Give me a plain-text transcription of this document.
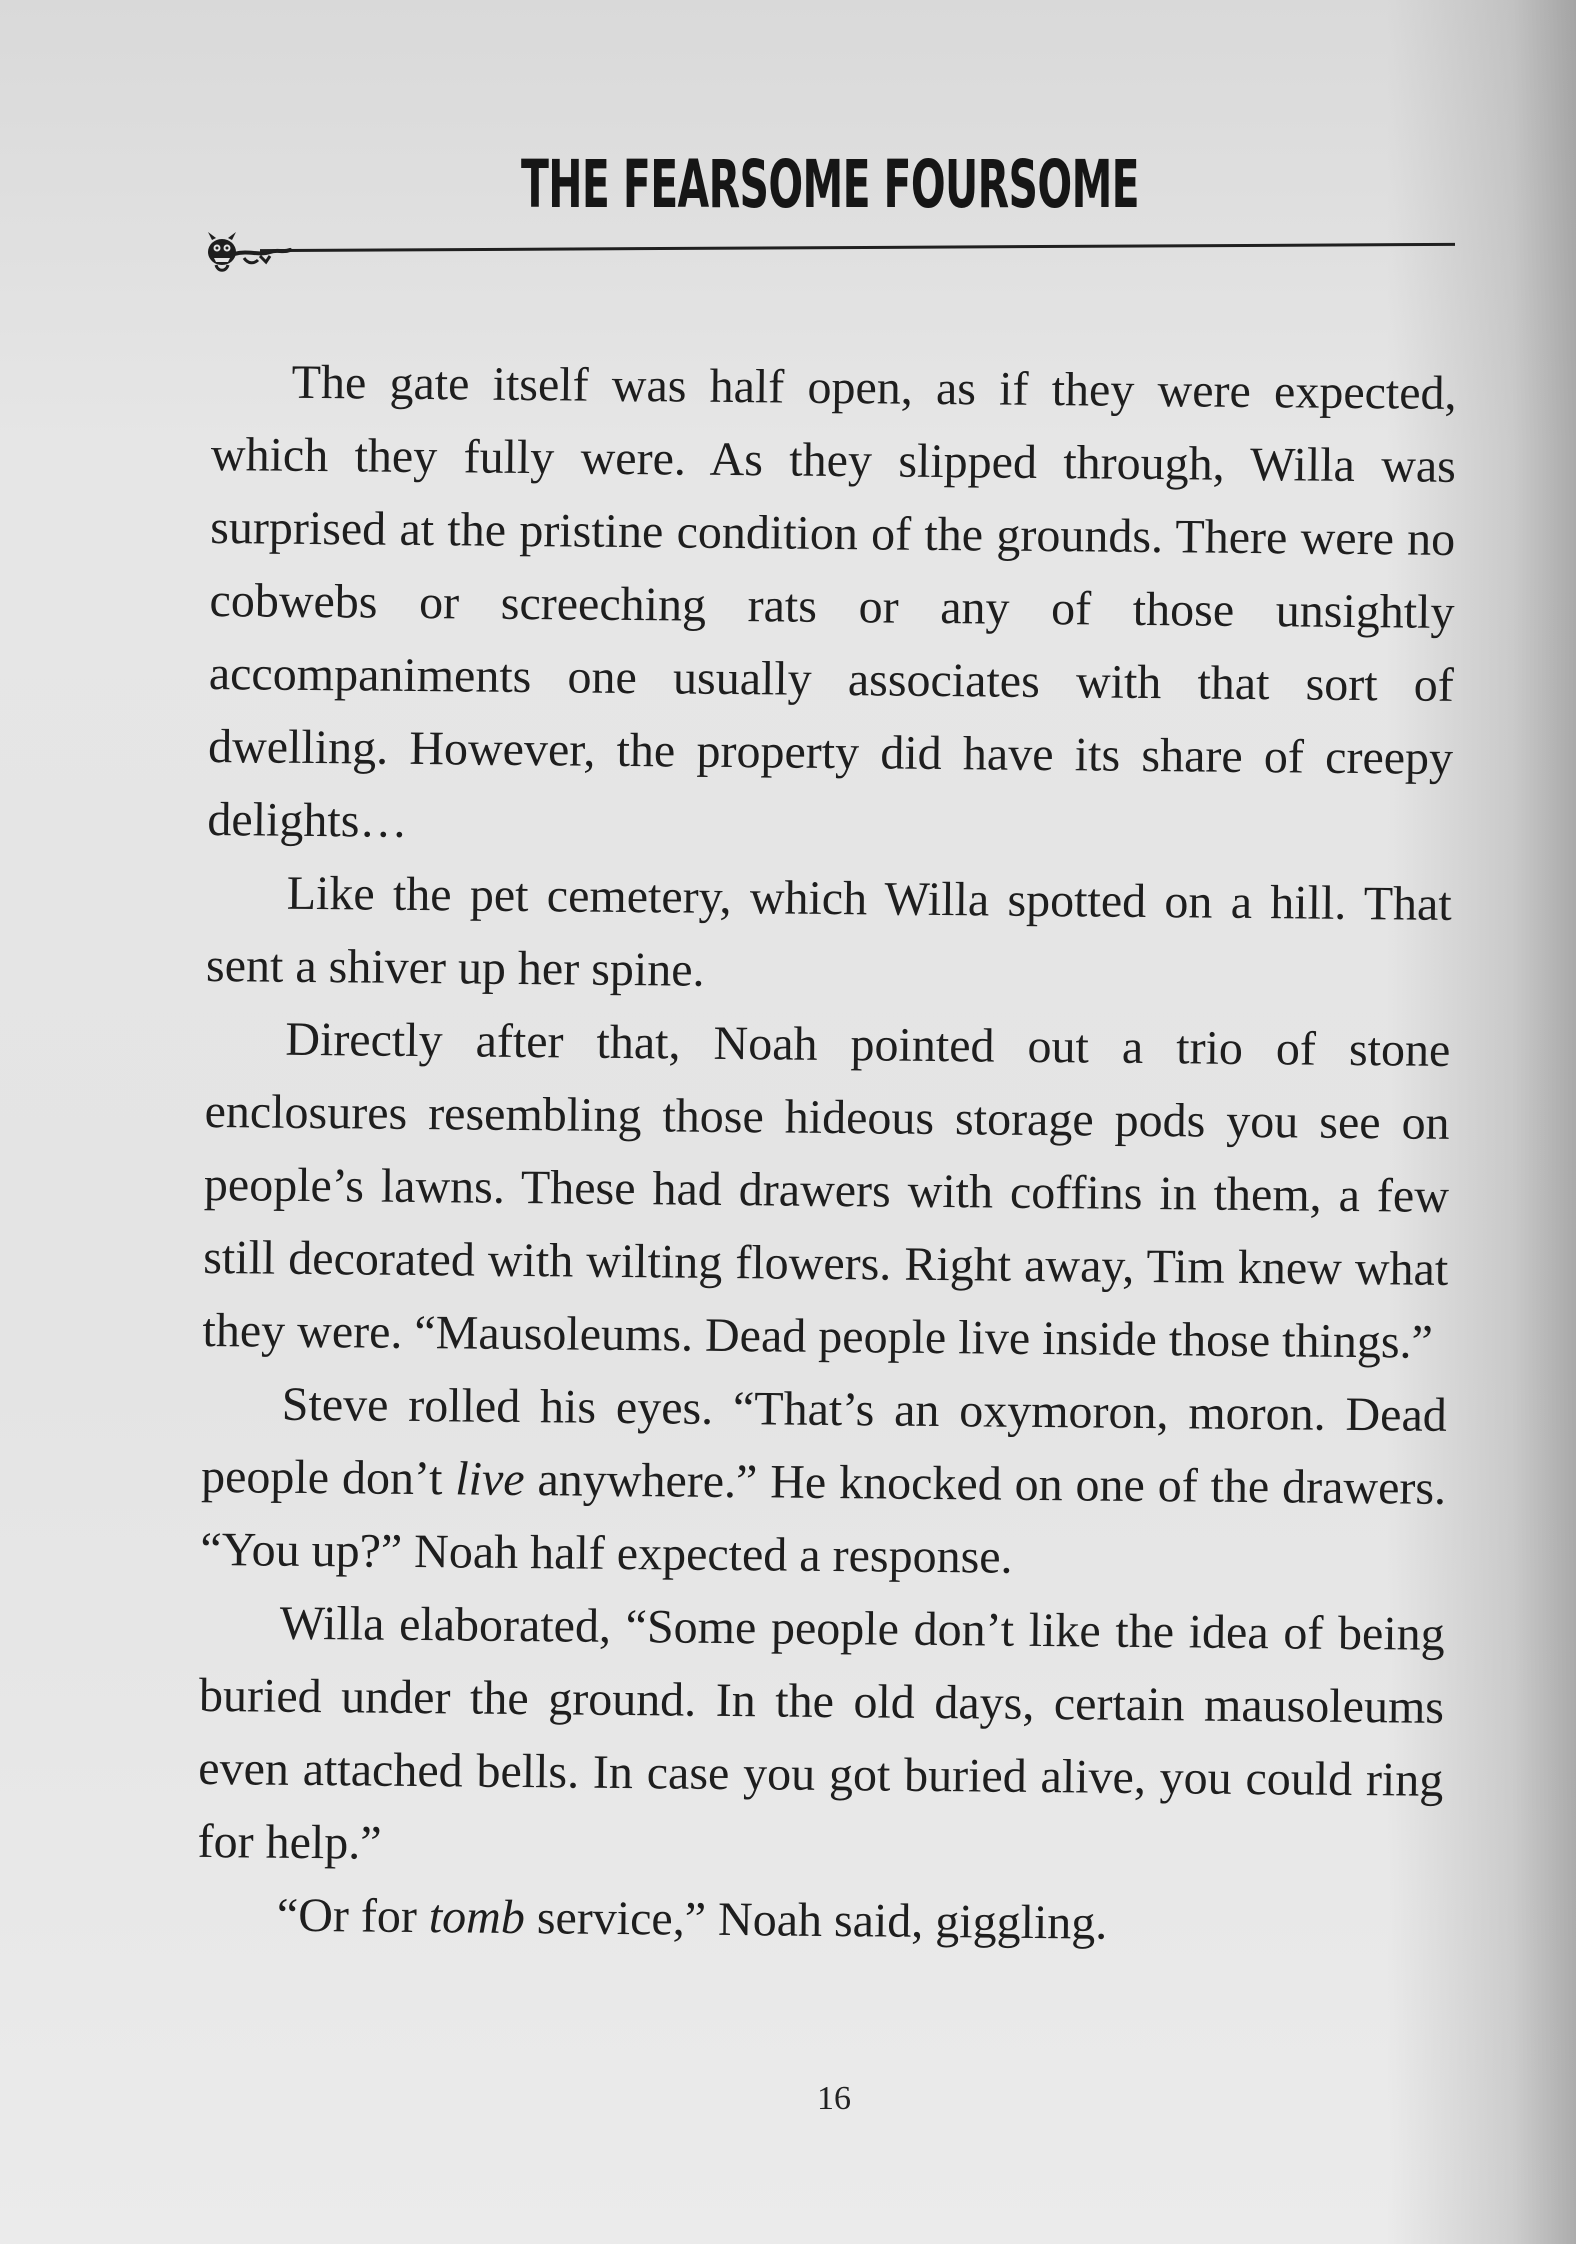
THE FEARSOME FOURSOME

The gate itself was half open, as if they were expected, which they fully were. As they slipped through, Willa was surprised at the pristine condition of the grounds. There were no cobwebs or screeching rats or any of those unsightly accompaniments one usually associates with that sort of dwelling. However, the property did have its share of creepy delights…

Like the pet cemetery, which Willa spotted on a hill. That sent a shiver up her spine.

Directly after that, Noah pointed out a trio of stone enclosures resembling those hideous storage pods you see on people’s lawns. These had drawers with coffins in them, a few still decorated with wilting flowers. Right away, Tim knew what they were. “Mausoleums. Dead people live inside those things.”

Steve rolled his eyes. “That’s an oxymoron, moron. Dead people don’t live anywhere.” He knocked on one of the drawers. “You up?” Noah half expected a response.

Willa elaborated, “Some people don’t like the idea of being buried under the ground. In the old days, certain mausoleums even attached bells. In case you got buried alive, you could ring for help.”

“Or for tomb service,” Noah said, giggling.

16
